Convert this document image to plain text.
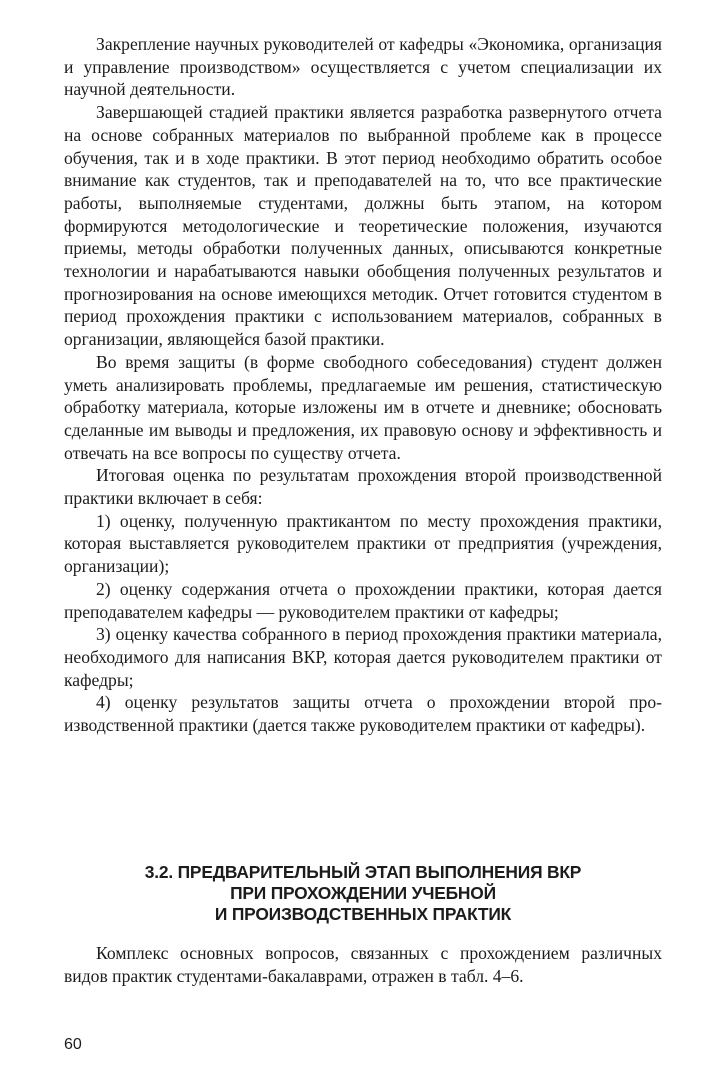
Закрепление научных руководителей от кафедры «Экономика, организация и управление производством» осуществляется с учетом специализации их научной деятельности.

Завершающей стадией практики является разработка развернутого отчета на основе собранных материалов по выбранной проблеме как в процессе обучения, так и в ходе практики. В этот период необходимо обратить особое внимание как студентов, так и преподавателей на то, что все практические работы, выполняемые студентами, должны быть этапом, на котором формируются методологические и теоретические положения, изучаются приемы, методы обработки полученных данных, описываются конкретные технологии и нарабатываются навыки обобщения полученных результатов и прогнозирования на основе имеющихся методик. Отчет готовится студентом в период прохождения практики с использованием материалов, собранных в организации, являющейся базой практики.

Во время защиты (в форме свободного собеседования) студент должен уметь анализировать проблемы, предлагаемые им решения, статистическую обработку материала, которые изложены им в отчете и дневнике; обосновать сделанные им выводы и предложения, их правовую основу и эффективность и отвечать на все вопросы по существу отчета.

Итоговая оценка по результатам прохождения второй производственной практики включает в себя:

1) оценку, полученную практикантом по месту прохождения практики, которая выставляется руководителем практики от предприятия (учреждения, организации);

2) оценку содержания отчета о прохождении практики, которая дается преподавателем кафедры — руководителем практики от кафедры;

3) оценку качества собранного в период прохождения практики материала, необходимого для написания ВКР, которая дается руководителем практики от кафедры;

4) оценку результатов защиты отчета о прохождении второй производственной практики (дается также руководителем практики от кафедры).

3.2. ПРЕДВАРИТЕЛЬНЫЙ ЭТАП ВЫПОЛНЕНИЯ ВКР
ПРИ ПРОХОЖДЕНИИ УЧЕБНОЙ
И ПРОИЗВОДСТВЕННЫХ ПРАКТИК

Комплекс основных вопросов, связанных с прохождением различных видов практик студентами-бакалаврами, отражен в табл. 4–6.

60
